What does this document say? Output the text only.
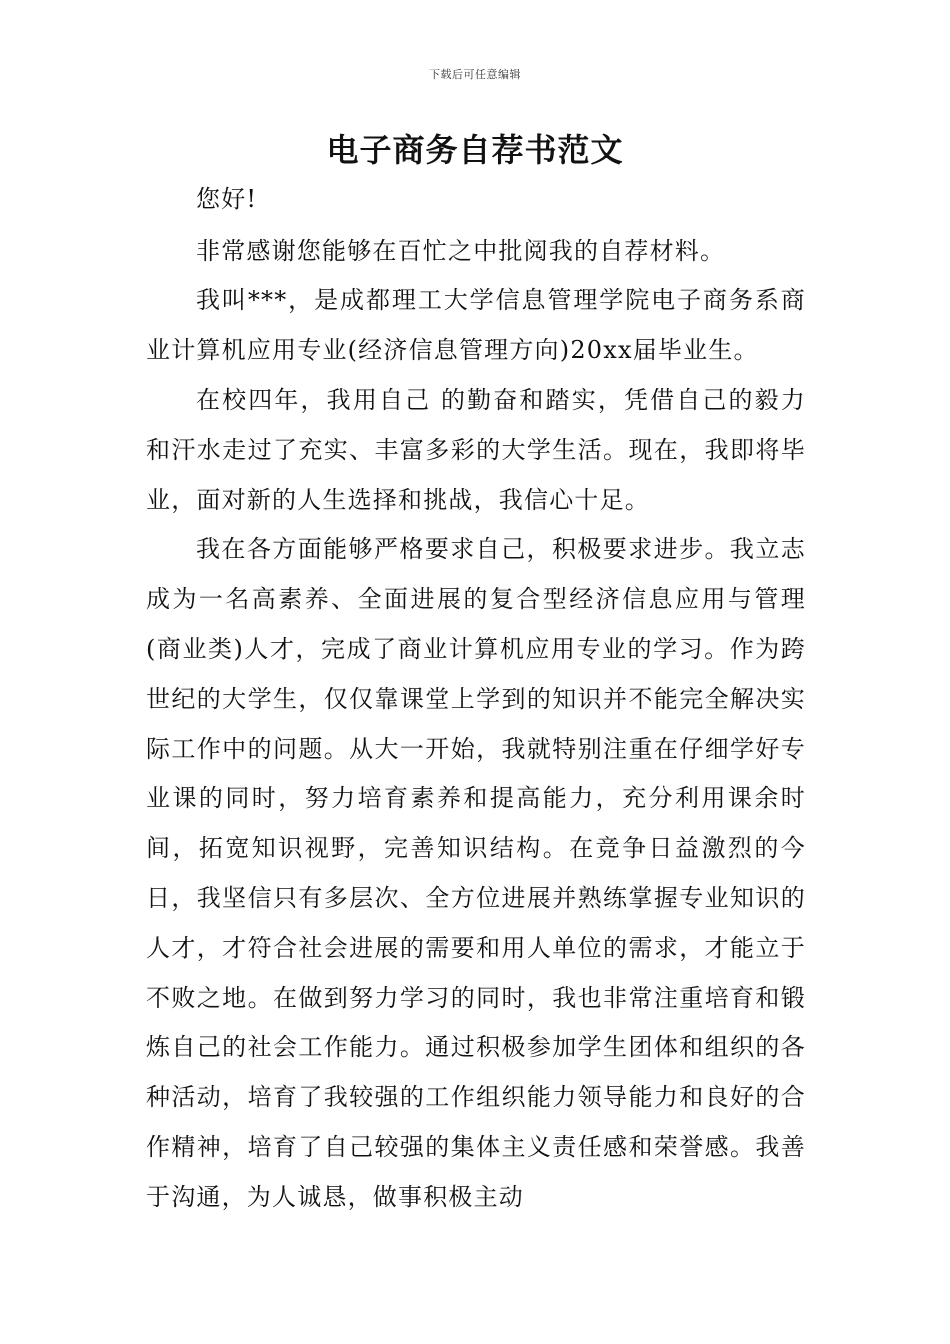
下载后可任意编辑
电子商务自荐书范文

您好!

非常感谢您能够在百忙之中批阅我的自荐材料。

我叫***，是成都理工大学信息管理学院电子商务系商业计算机应用专业(经济信息管理方向)20xx届毕业生。

在校四年，我用自己 的勤奋和踏实，凭借自己的毅力和汗水走过了充实、丰富多彩的大学生活。现在，我即将毕业，面对新的人生选择和挑战，我信心十足。

我在各方面能够严格要求自己，积极要求进步。我立志成为一名高素养、全面进展的复合型经济信息应用与管理(商业类)人才，完成了商业计算机应用专业的学习。作为跨世纪的大学生，仅仅靠课堂上学到的知识并不能完全解决实际工作中的问题。从大一开始，我就特别注重在仔细学好专业课的同时，努力培育素养和提高能力，充分利用课余时间，拓宽知识视野，完善知识结构。在竞争日益激烈的今日，我坚信只有多层次、全方位进展并熟练掌握专业知识的人才，才符合社会进展的需要和用人单位的需求，才能立于不败之地。在做到努力学习的同时，我也非常注重培育和锻炼自己的社会工作能力。通过积极参加学生团体和组织的各种活动，培育了我较强的工作组织能力领导能力和良好的合作精神，培育了自己较强的集体主义责任感和荣誉感。我善于沟通，为人诚恳，做事积极主动
